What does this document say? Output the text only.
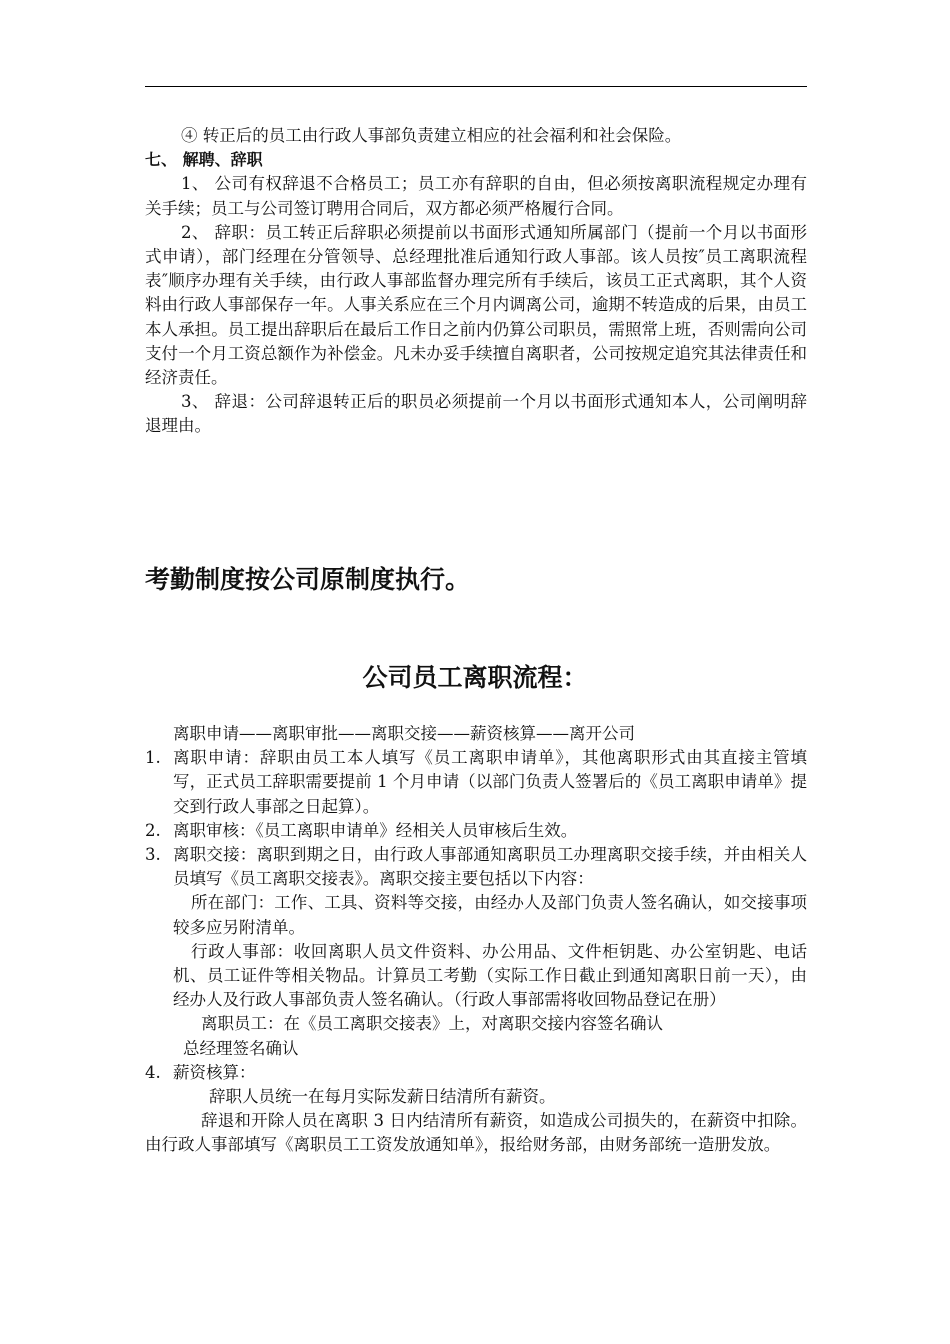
④ 转正后的员工由行政人事部负责建立相应的社会福利和社会保险。

七、 解聘、辞职

1、 公司有权辞退不合格员工；员工亦有辞职的自由，但必须按离职流程规定办理有关手续；员工与公司签订聘用合同后，双方都必须严格履行合同。

2、 辞职：员工转正后辞职必须提前以书面形式通知所属部门（提前一个月以书面形式申请），部门经理在分管领导、总经理批准后通知行政人事部。该人员按″员工离职流程表″顺序办理有关手续，由行政人事部监督办理完所有手续后，该员工正式离职，其个人资料由行政人事部保存一年。人事关系应在三个月内调离公司，逾期不转造成的后果，由员工本人承担。员工提出辞职后在最后工作日之前内仍算公司职员，需照常上班，否则需向公司支付一个月工资总额作为补偿金。凡未办妥手续擅自离职者，公司按规定追究其法律责任和经济责任。

3、 辞退：公司辞退转正后的职员必须提前一个月以书面形式通知本人，公司阐明辞退理由。

考勤制度按公司原制度执行。
公司员工离职流程：
离职申请——离职审批——离职交接——薪资核算——离开公司
1. 离职申请：辞职由员工本人填写《员工离职申请单》，其他离职形式由其直接主管填写，正式员工辞职需要提前 1 个月申请（以部门负责人签署后的《员工离职申请单》提交到行政人事部之日起算）。
2. 离职审核：《员工离职申请单》经相关人员审核后生效。
3. 离职交接：离职到期之日，由行政人事部通知离职员工办理离职交接手续，并由相关人员填写《员工离职交接表》。离职交接主要包括以下内容：
所在部门：工作、工具、资料等交接，由经办人及部门负责人签名确认，如交接事项较多应另附清单。
行政人事部：收回离职人员文件资料、办公用品、文件柜钥匙、办公室钥匙、电话机、员工证件等相关物品。计算员工考勤（实际工作日截止到通知离职日前一天），由经办人及行政人事部负责人签名确认。（行政人事部需将收回物品登记在册）
离职员工：在《员工离职交接表》上，对离职交接内容签名确认
总经理签名确认
4. 薪资核算：
辞职人员统一在每月实际发薪日结清所有薪资。
辞退和开除人员在离职 3 日内结清所有薪资，如造成公司损失的，在薪资中扣除。由行政人事部填写《离职员工工资发放通知单》，报给财务部，由财务部统一造册发放。
